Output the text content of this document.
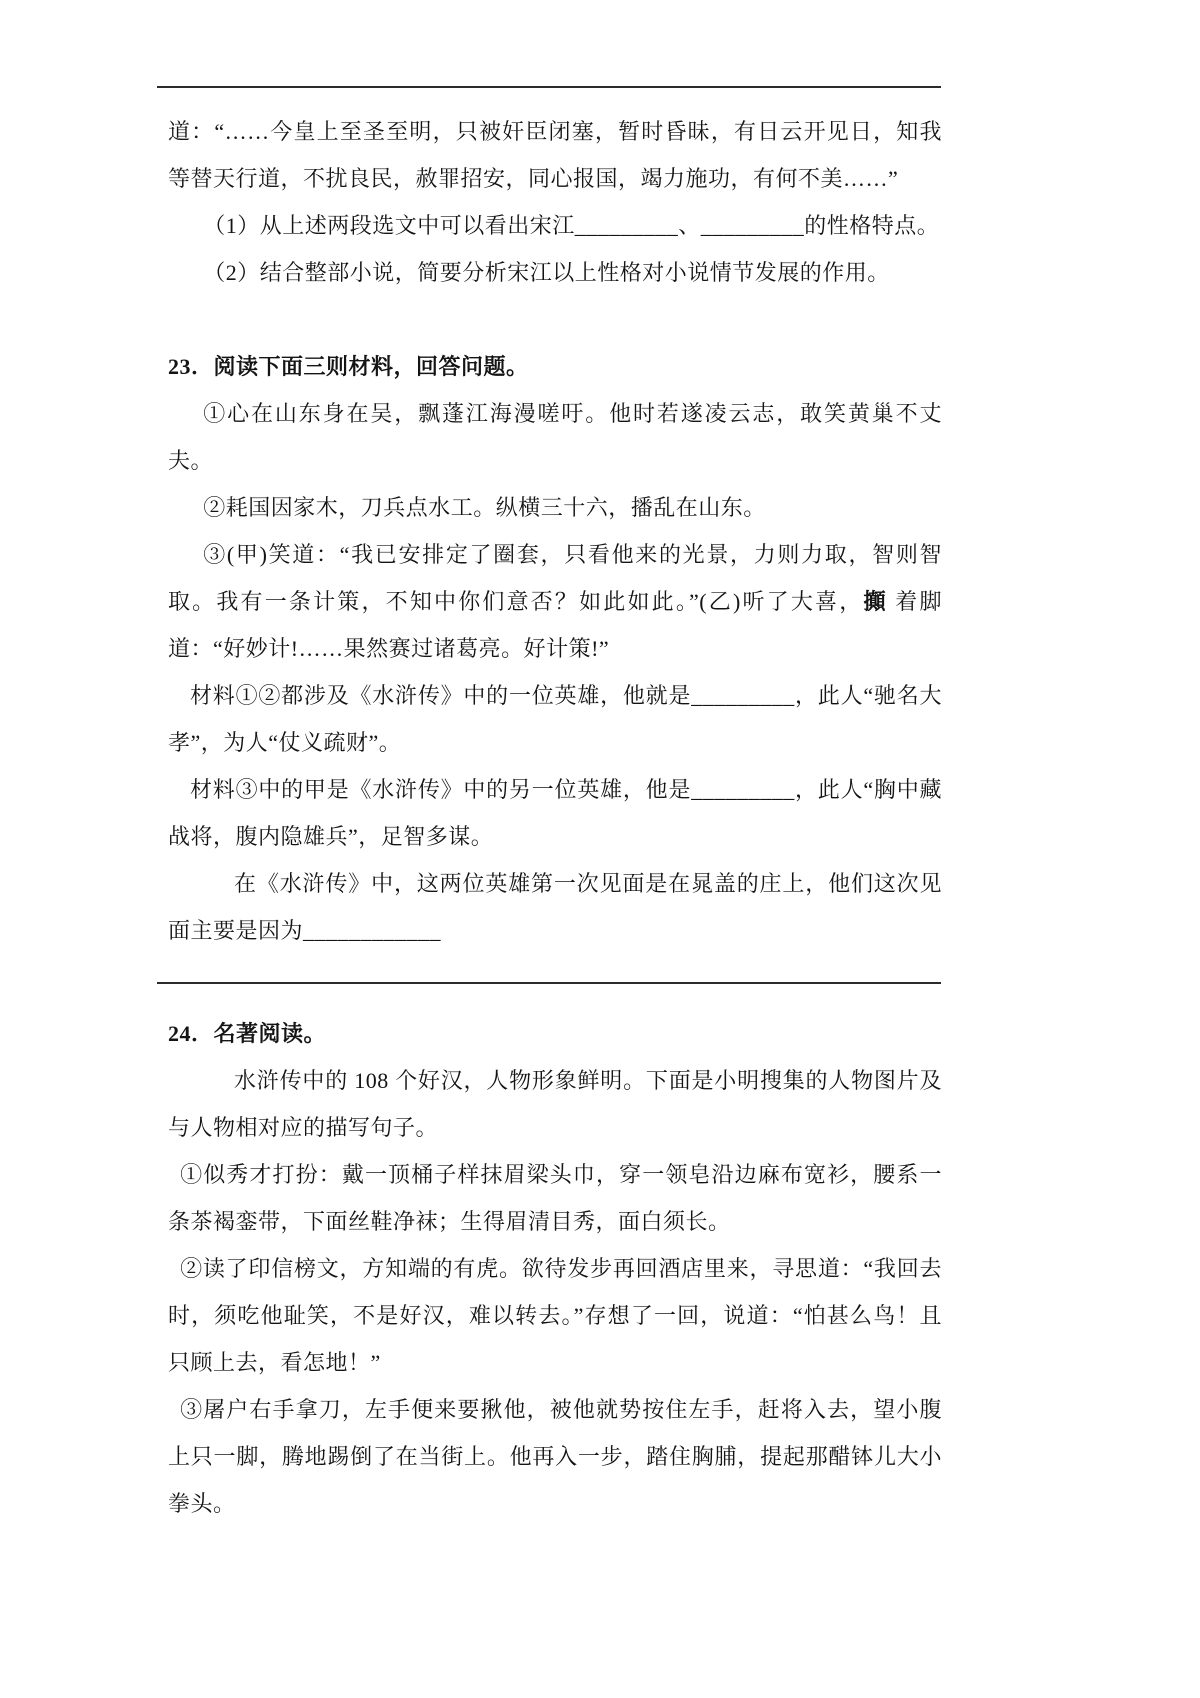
道：“……今皇上至圣至明，只被奸臣闭塞，暂时昏昧，有日云开见日，知我等替天行道，不扰良民，赦罪招安，同心报国，竭力施功，有何不美……”

（1）从上述两段选文中可以看出宋江_________、_________的性格特点。

（2）结合整部小说，简要分析宋江以上性格对小说情节发展的作用。

23．阅读下面三则材料，回答问题。

①心在山东身在吴，飘蓬江海漫嗟吁。他时若遂凌云志，敢笑黄巢不丈夫。

②耗国因家木，刀兵点水工。纵横三十六，播乱在山东。

③(甲)笑道：“我已安排定了圈套，只看他来的光景，力则力取，智则智取。我有一条计策，不知中你们意否？如此如此。”(乙)听了大喜，攧 着脚道：“好妙计!……果然赛过诸葛亮。好计策!”

材料①②都涉及《水浒传》中的一位英雄，他就是_________，此人“驰名大孝”，为人“仗义疏财”。

材料③中的甲是《水浒传》中的另一位英雄，他是_________，此人“胸中藏战将，腹内隐雄兵”，足智多谋。

在《水浒传》中，这两位英雄第一次见面是在晁盖的庄上，他们这次见面主要是因为____________

24．名著阅读。

水浒传中的 108 个好汉，人物形象鲜明。下面是小明搜集的人物图片及与人物相对应的描写句子。

①似秀才打扮：戴一顶桶子样抹眉梁头巾，穿一领皂沿边麻布宽衫，腰系一条茶褐銮带，下面丝鞋净袜；生得眉清目秀，面白须长。

②读了印信榜文，方知端的有虎。欲待发步再回酒店里来，寻思道：“我回去时，须吃他耻笑，不是好汉，难以转去。”存想了一回，说道：“怕甚么鸟！且只顾上去，看怎地！”

③屠户右手拿刀，左手便来要揪他，被他就势按住左手，赶将入去，望小腹上只一脚，腾地踢倒了在当街上。他再入一步，踏住胸脯，提起那醋钵儿大小拳头。
